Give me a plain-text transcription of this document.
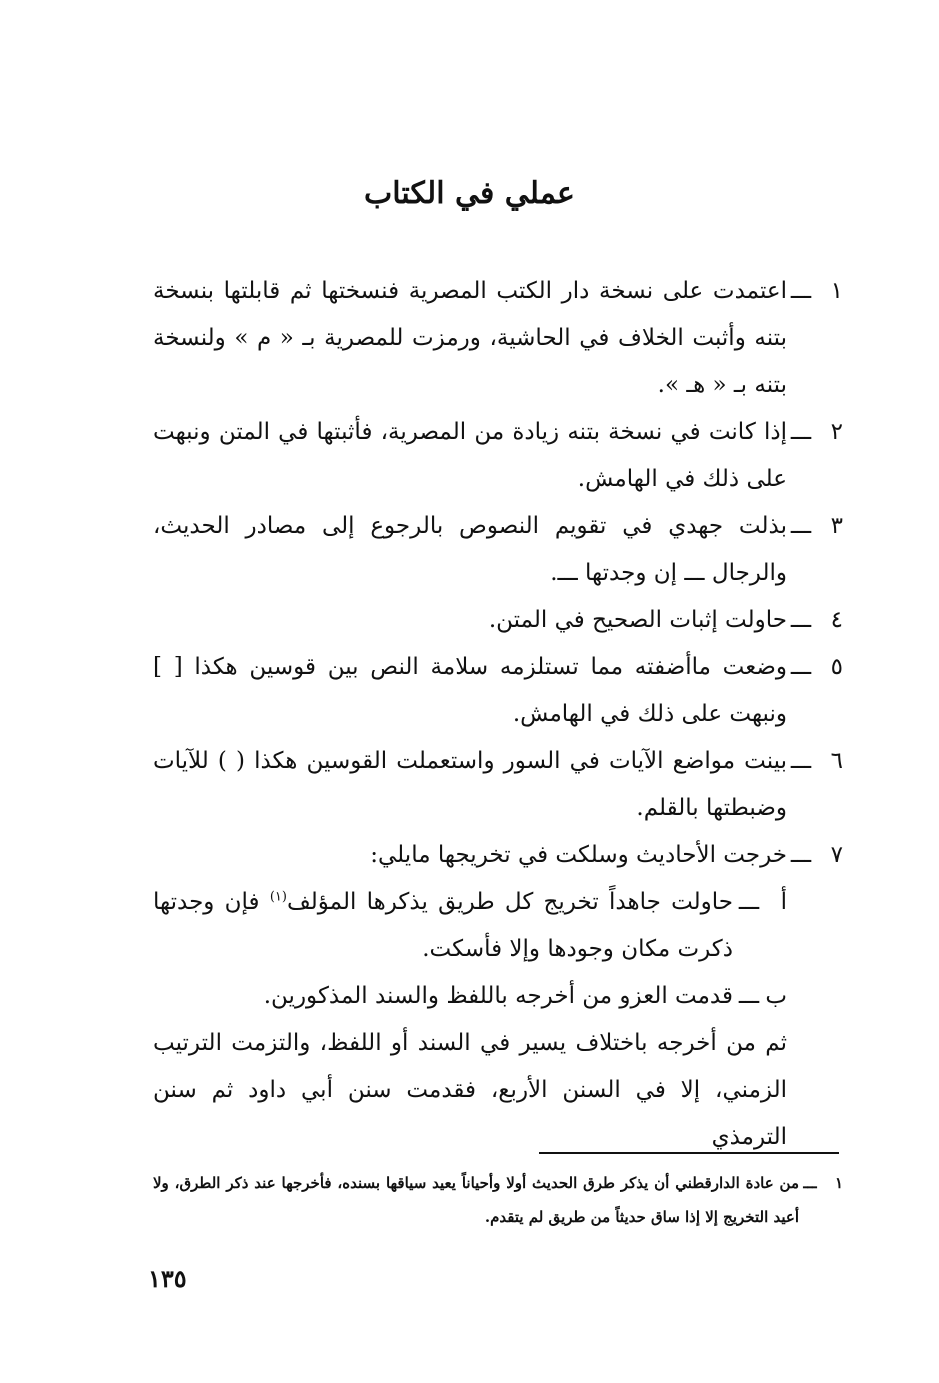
عملي في الكتاب
١
ـــ
اعتمدت على نسخة دار الكتب المصرية فنسختها ثم قابلتها بنسخة بتنه وأثبت الخلاف في الحاشية، ورمزت للمصرية بـ « م » ولنسخة بتنه بـ « هـ ».
٢
ـــ
إذا كانت في نسخة بتنه زيادة من المصرية، فأثبتها في المتن ونبهت على ذلك في الهامش.
٣
ـــ
بذلت جهدي في تقويم النصوص بالرجوع إلى مصادر الحديث، والرجال ـــ إن وجدتها ـــ.
٤
ـــ
حاولت إثبات الصحيح في المتن.
٥
ـــ
وضعت ماأضفته مما تستلزمه سلامة النص بين قوسين هكذا [ ] ونبهت على ذلك في الهامش.
٦
ـــ
بينت مواضع الآيات في السور واستعملت القوسين هكذا ( ) للآيات وضبطتها بالقلم.
٧
ـــ
خرجت الأحاديث وسلكت في تخريجها مايلي:
أ
ـــ
حاولت جاهداً تخريج كل طريق يذكرها المؤلف$^{(١)}$ فإن وجدتها ذكرت مكان وجودها وإلا فأسكت.
ب
ـــ
قدمت العزو من أخرجه باللفظ والسند المذكورين.
ثم من أخرجه باختلاف يسير في السند أو اللفظ، والتزمت الترتيب الزمني، إلا في السنن الأربع، فقدمت سنن أبي داود ثم سنن الترمذي
١
ـــ
من عادة الدارقطني أن يذكر طرق الحديث أولا وأحياناً يعيد سياقها بسنده، فأخرجها عند ذكر الطرق، ولا أعيد التخريج إلا إذا ساق حديثاً من طريق لم يتقدم.
١٣٥
